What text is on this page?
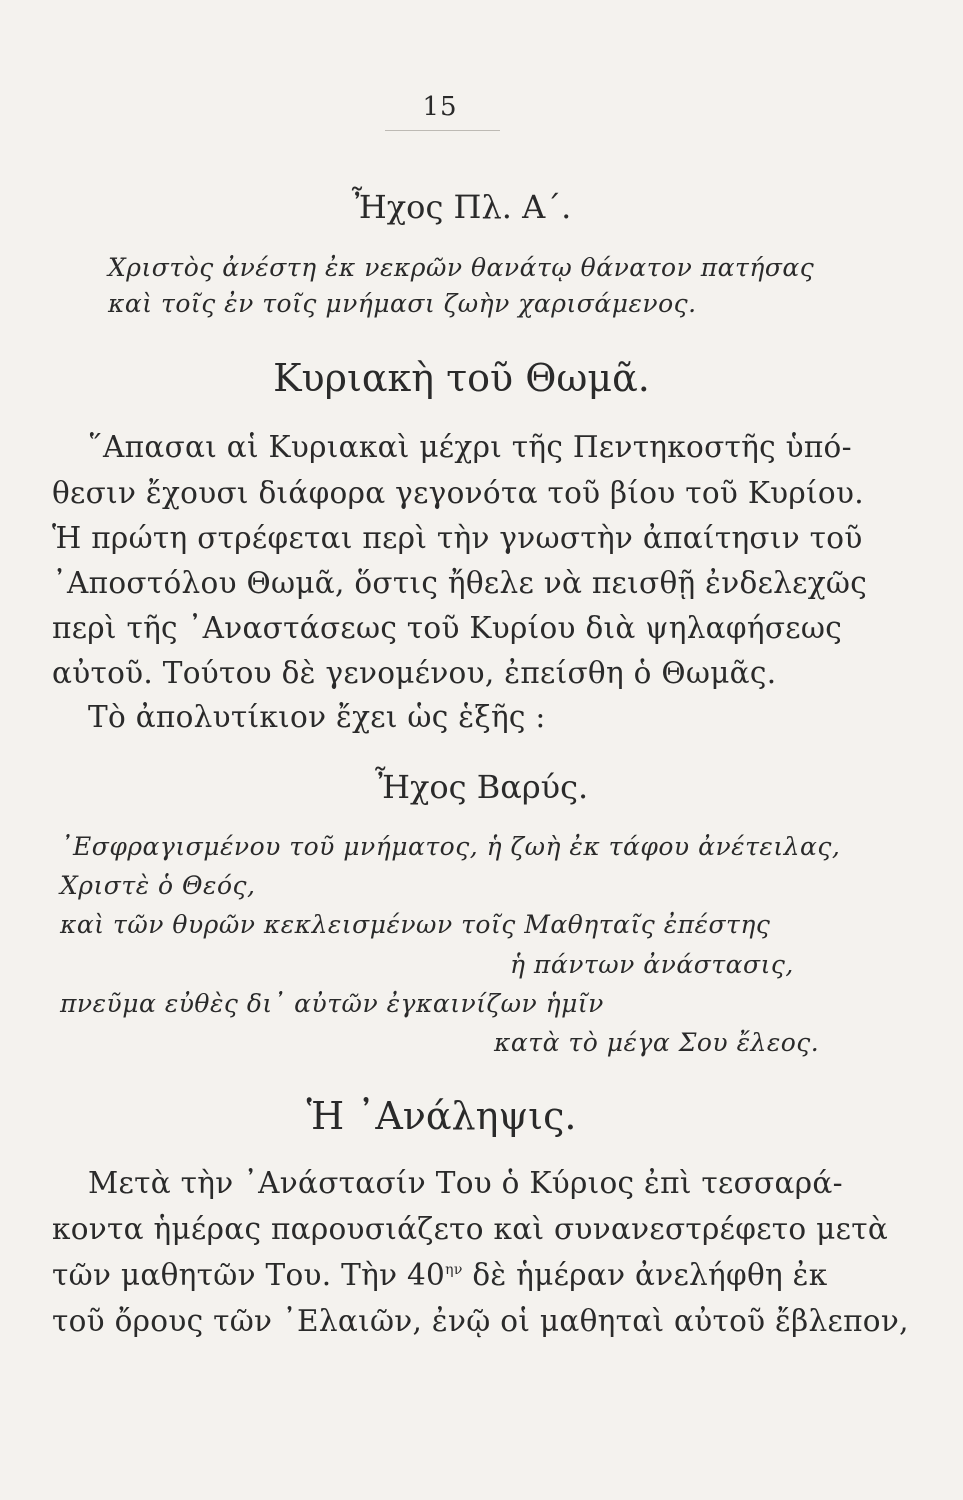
15
Ἦχος Πλ. Α΄.
Χριστὸς ἀνέστη ἐκ νεκρῶν θανάτῳ θάνατον πατήσας
καὶ τοῖς ἐν τοῖς μνήμασι ζωὴν χαρισάμενος.
Κυριακὴ τοῦ Θωμᾶ.
῞Απασαι αἱ Κυριακαὶ μέχρι τῆς Πεντηκοστῆς ὑπό-
θεσιν ἔχουσι διάφορα γεγονότα τοῦ βίου τοῦ Κυρίου.
Ἡ πρώτη στρέφεται περὶ τὴν γνωστὴν ἀπαίτησιν τοῦ
᾿Αποστόλου Θωμᾶ, ὅστις ἤθελε νὰ πεισθῇ ἐνδελεχῶς
περὶ τῆς ᾿Αναστάσεως τοῦ Κυρίου διὰ ψηλαφήσεως
αὐτοῦ. Τούτου δὲ γενομένου, ἐπείσθη ὁ Θωμᾶς.
Τὸ ἀπολυτίκιον ἔχει ὡς ἑξῆς :
Ἦχος Βαρύς.
᾿Εσφραγισμένου τοῦ μνήματος, ἡ ζωὴ ἐκ τάφου ἀνέτειλας,
Χριστὲ ὁ Θεός,
καὶ τῶν θυρῶν κεκλεισμένων τοῖς Μαθηταῖς ἐπέστης
ἡ πάντων ἀνάστασις,
πνεῦμα εὐθὲς δι᾿ αὐτῶν ἐγκαινίζων ἡμῖν
κατὰ τὸ μέγα Σου ἔλεος.
Ἡ ᾿Ανάληψις.
Μετὰ τὴν ᾿Ανάστασίν Του ὁ Κύριος ἐπὶ τεσσαρά-
κοντα ἡμέρας παρουσιάζετο καὶ συνανεστρέφετο μετὰ
τῶν μαθητῶν Του. Τὴν $40^{\eta\nu}$ δὲ ἡμέραν ἀνελήφθη ἐκ
τοῦ ὄρους τῶν ᾿Ελαιῶν, ἐνῷ οἱ μαθηταὶ αὐτοῦ ἔβλεπον,
